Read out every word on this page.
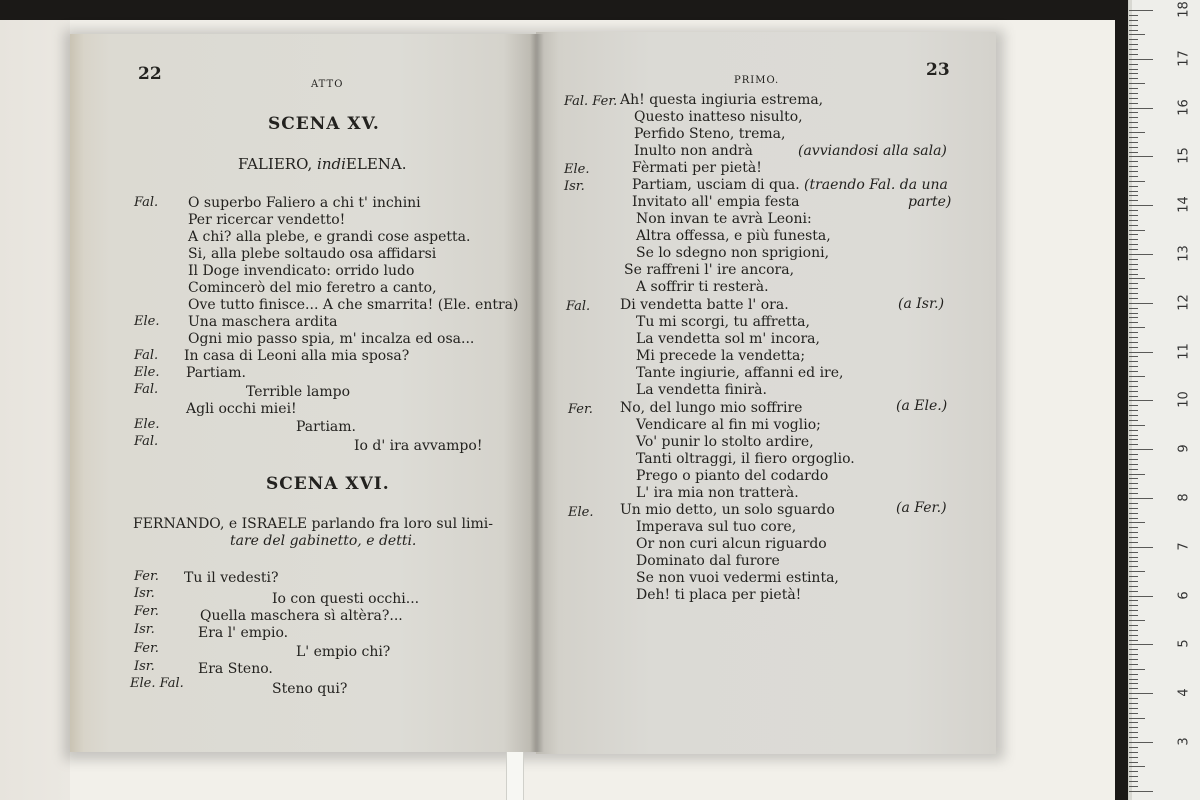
18
17
16
15
14
13
12
11
10
9
8
7
6
5
4
3
22
ATTO
SCENA XV.
FALIERO, indiELENA.
Fal. O superbo Faliero a chi t' inchini
Per ricercar vendetto!
A chi? alla plebe, e grandi cose aspetta.
Si, alla plebe soltaudo osa affidarsi
Il Doge invendicato: orrido ludo
Comincerò del mio feretro a canto,
Ove tutto finisce... A che smarrita! (Ele. entra)
Ele. Una maschera ardita
Ogni mio passo spia, m' incalza ed osa...
Fal. In casa di Leoni alla mia sposa?
Ele. Partiam.
Fal.	Terrible lampo
Agli occhi miei!
Ele.	Partiam.
Fal.	Io d' ira avvampo!
SCENA XVI.
FERNANDO, e ISRAELE parlando fra loro sul limi-
tare del gabinetto, e detti.
Fer. Tu il vedesti?
Isr.	Io con questi occhi...
Fer.	Quella maschera sì altèra?...
Isr.	Era l' empio.
Fer.	L' empio chi?
Isr.	Era Steno.
Ele. Fal.	Steno qui?
PRIMO.
23
Fal. Fer. Ah! questa ingiuria estrema,
Questo inatteso nisulto,
Perfido Steno, trema,
Inulto non andrà	(avviandosi alla sala)
Ele.	Fèrmati per pietà!
Isr.	Partiam, usciam di qua. (traendo Fal. da una
Invitato all' empia festa	parte)
Non invan te avrà Leoni:
Altra offessa, e più funesta,
Se lo sdegno non sprigioni,
Se raffreni l' ire ancora,
A soffrir ti resterà.
Fal. Di vendetta batte l' ora.	(a Isr.)
Tu mi scorgi, tu affretta,
La vendetta sol m' incora,
Mi precede la vendetta;
Tante ingiurie, affanni ed ire,
La vendetta finirà.
Fer. No, del lungo mio soffrire	(a Ele.)
Vendicare al fin mi voglio;
Vo' punir lo stolto ardire,
Tanti oltraggi, il fiero orgoglio.
Prego o pianto del codardo
L' ira mia non tratterà.
Ele. Un mio detto, un solo sguardo	(a Fer.)
Imperava sul tuo core,
Or non curi alcun riguardo
Dominato dal furore
Se non vuoi vedermi estinta,
Deh! ti placa per pietà!
